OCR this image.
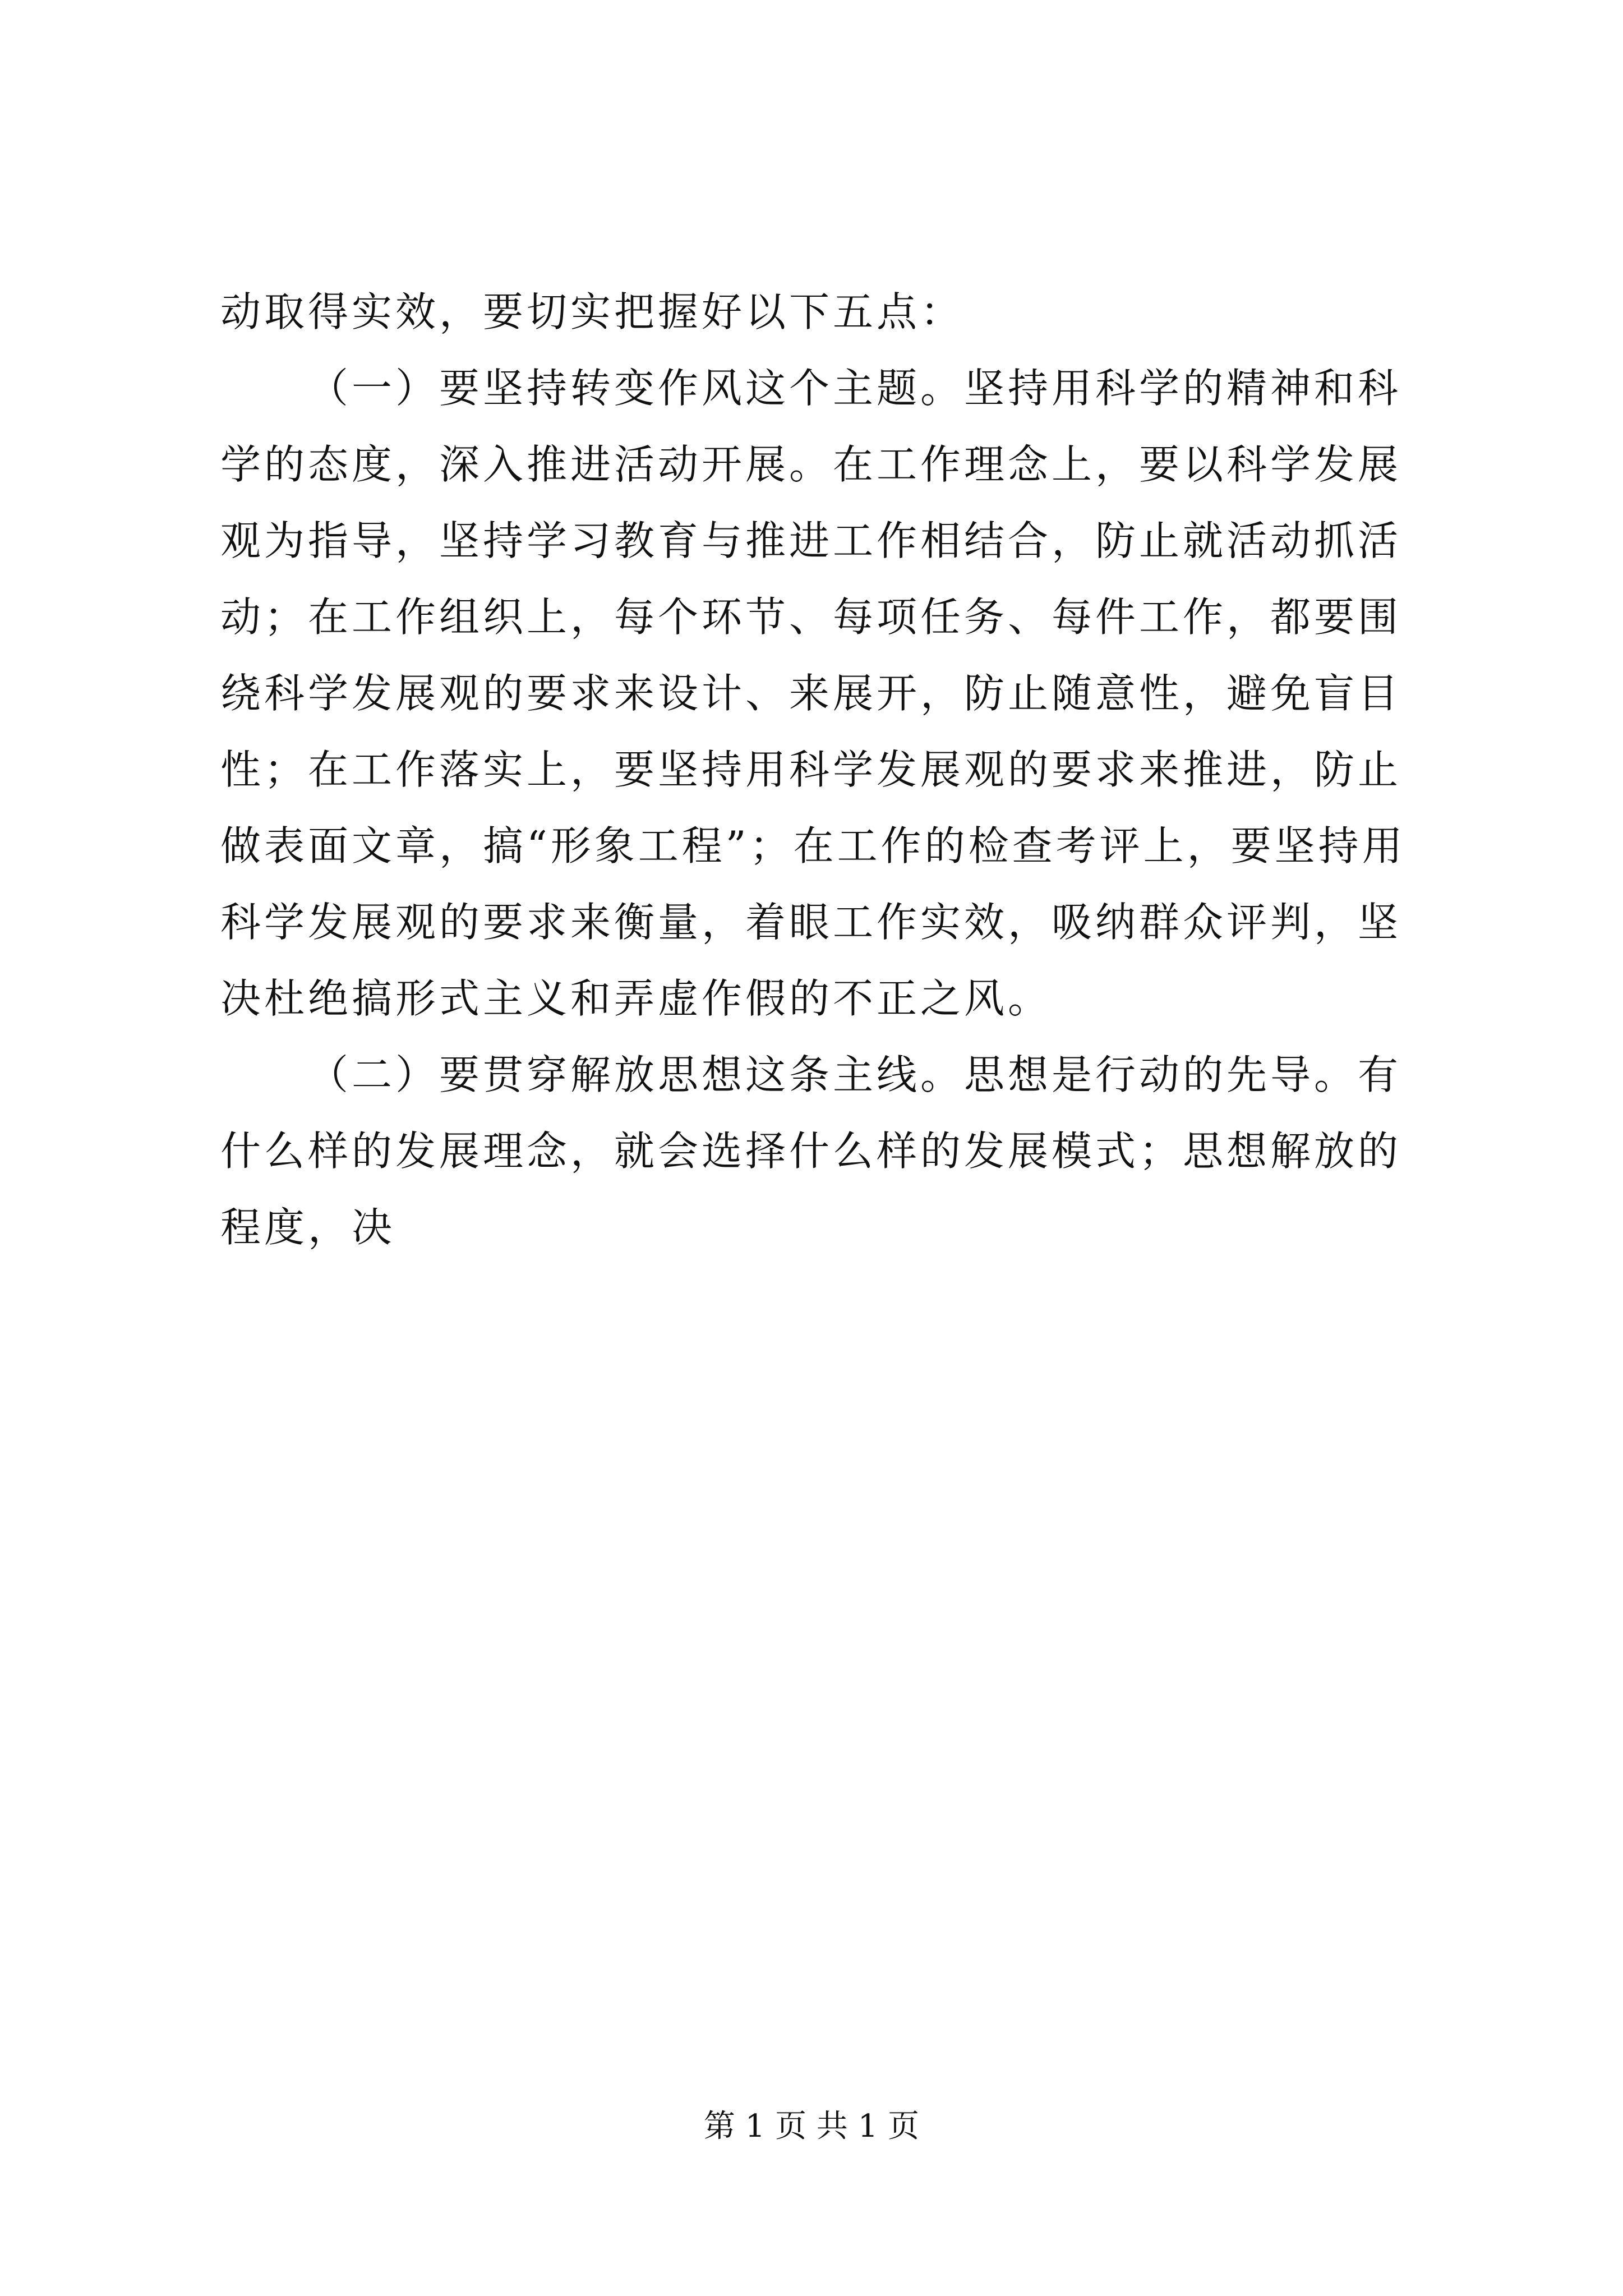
动取得实效，要切实把握好以下五点：

（一）要坚持转变作风这个主题。坚持用科学的精神和科学的态度，深入推进活动开展。在工作理念上，要以科学发展观为指导，坚持学习教育与推进工作相结合，防止就活动抓活动；在工作组织上，每个环节、每项任务、每件工作，都要围绕科学发展观的要求来设计、来展开，防止随意性，避免盲目性；在工作落实上，要坚持用科学发展观的要求来推进，防止做表面文章，搞“形象工程”；在工作的检查考评上，要坚持用科学发展观的要求来衡量，着眼工作实效，吸纳群众评判，坚决杜绝搞形式主义和弄虚作假的不正之风。

（二）要贯穿解放思想这条主线。思想是行动的先导。有什么样的发展理念，就会选择什么样的发展模式；思想解放的程度，决

第 1 页 共 1 页
